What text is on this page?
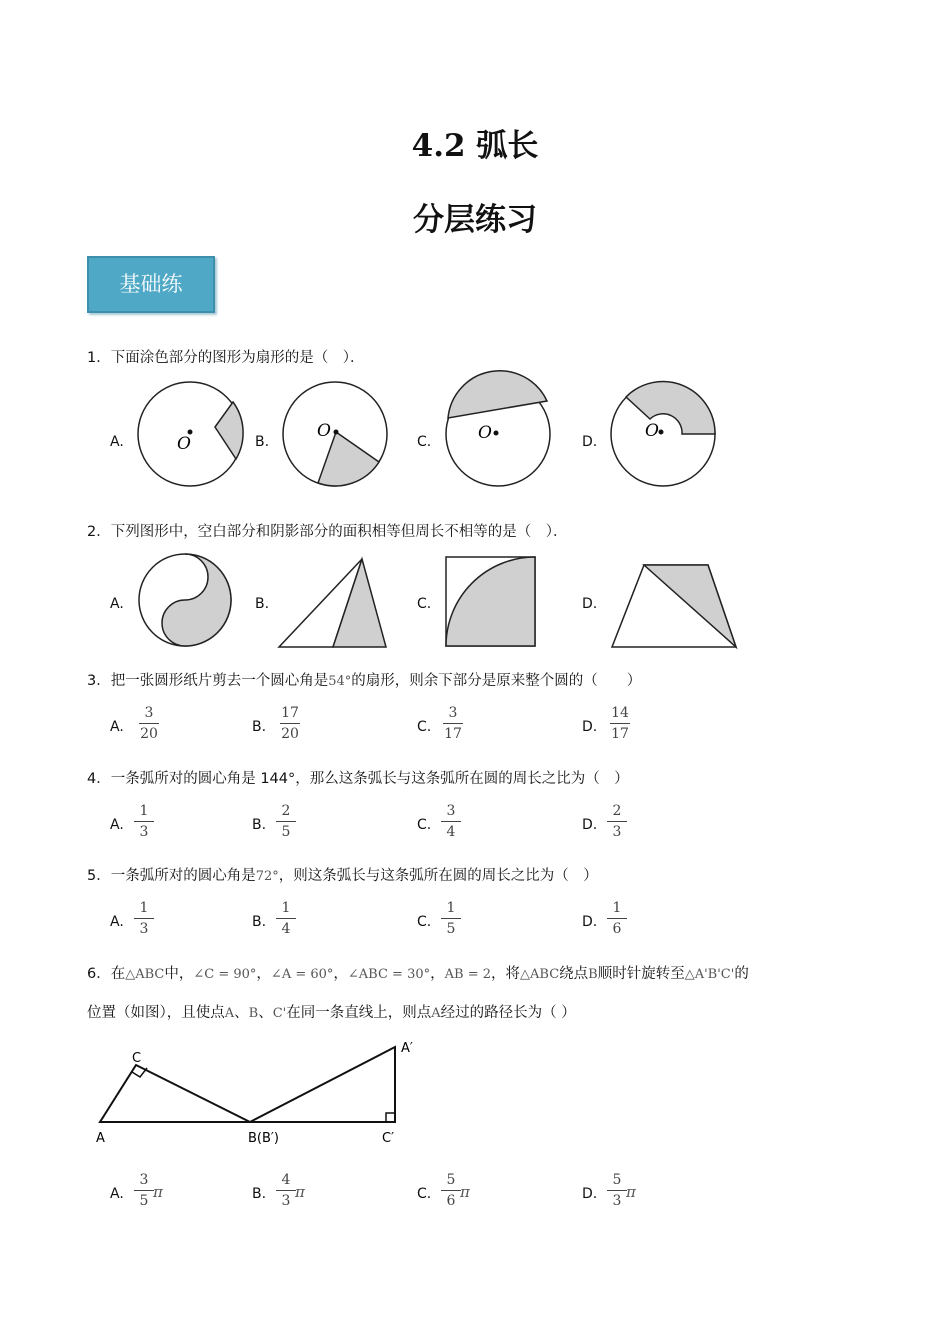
4.2 弧长
分层练习
基础练
1．下面涂色部分的图形为扇形的是（　）．
A.	O	B.
O
C.	O	D.
O
2．下列图形中，空白部分和阴影部分的面积相等但周长不相等的是（　）．
A.	B.	C.	D.
3．把一张圆形纸片剪去一个圆心角是54°的扇形，则余下部分是原来整个圆的（　　）
A.
3
20	B.
17
20	C.
3
17	D.
14
17
4．一条弧所对的圆心角是 144°，那么这条弧长与这条弧所在圆的周长之比为（　）
A.
1
3	B.
2
5	C.
3
4	D.
2
3
5．一条弧所对的圆心角是72°，则这条弧长与这条弧所在圆的周长之比为（　）
A.
1
3	B.
1
4	C.
1
5	D.
1
6
6．在△ABC中，∠C = 90°，∠A = 60°，∠ABC = 30°，AB = 2，将△ABC绕点B顺时针旋转至△A'B'C'的
位置（如图），且使点A、B、C'在同一条直线上，则点A经过的路径长为（ ）
C
A	B(B′)
A′
C′
A.
3
5 π	B.
4
3 π	C.
5
6 π	D.
5
3 π
